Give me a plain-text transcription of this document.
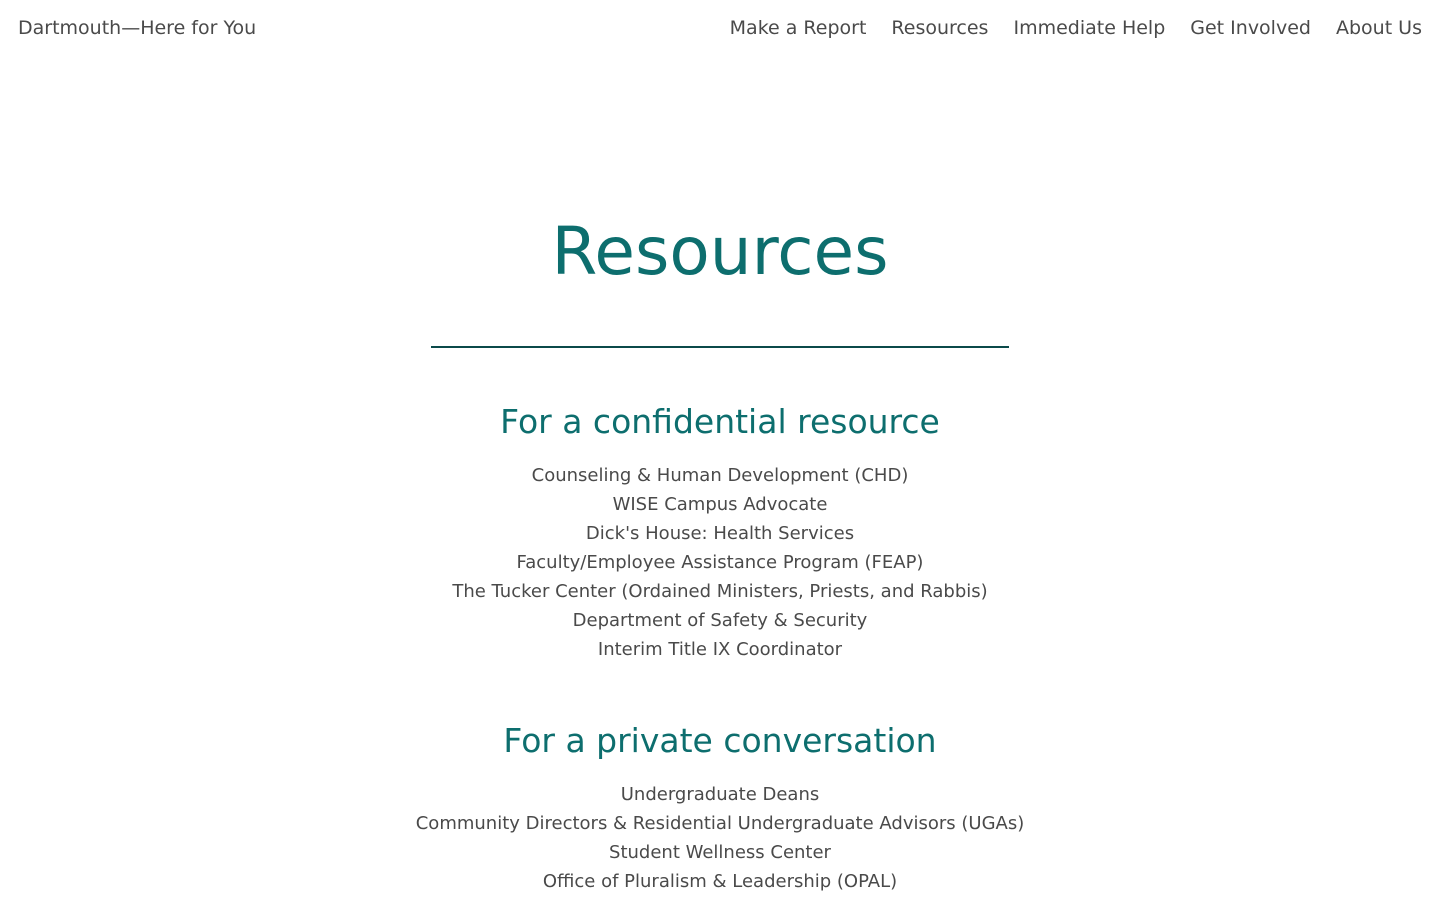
Dartmouth—Here for You	Make a Report Resources Immediate Help Get Involved About Us
Resources
For a confidential resource
Counseling & Human Development (CHD)
WISE Campus Advocate
Dick's House: Health Services
Faculty/Employee Assistance Program (FEAP)
The Tucker Center (Ordained Ministers, Priests, and Rabbis)
Department of Safety & Security
Interim Title IX Coordinator
For a private conversation
Undergraduate Deans
Community Directors & Residential Undergraduate Advisors (UGAs)
Student Wellness Center
Office of Pluralism & Leadership (OPAL)
